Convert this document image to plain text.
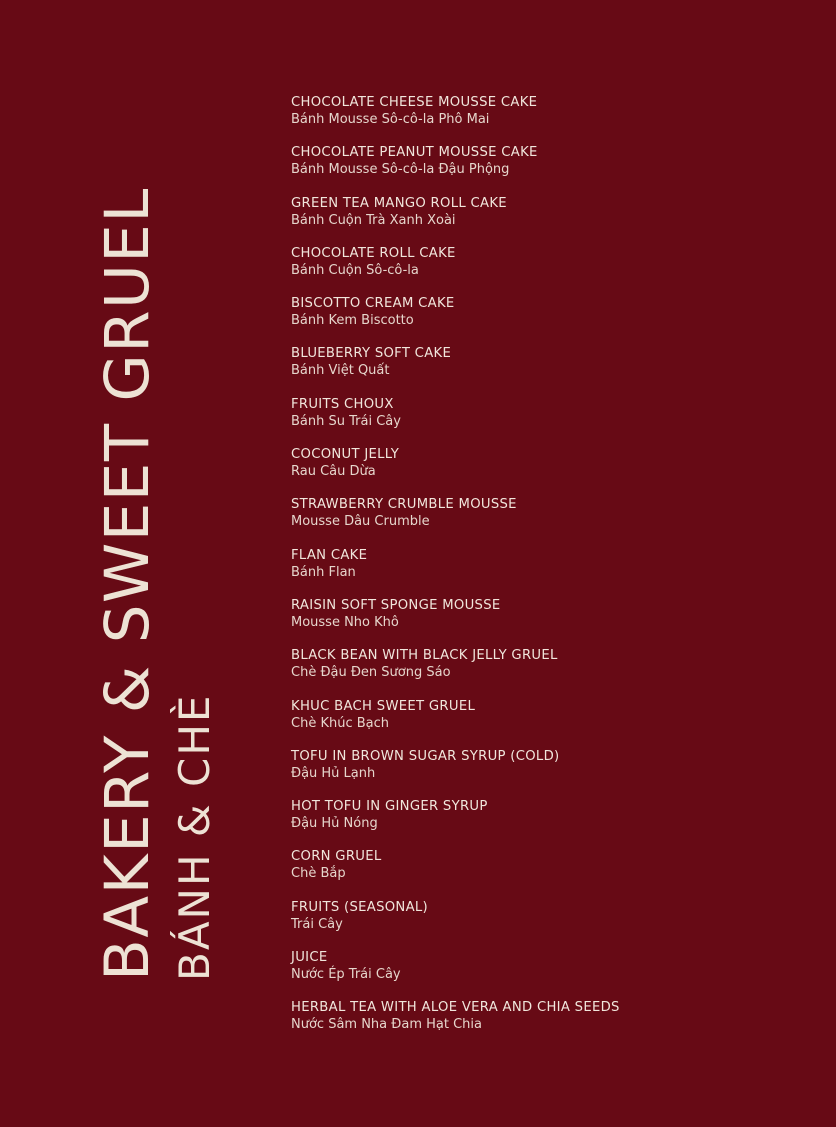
BAKERY & SWEET GRUEL BÁNH & CHÈ
CHOCOLATE CHEESE MOUSSE CAKE
Bánh Mousse Sô-cô-la Phô Mai
CHOCOLATE PEANUT MOUSSE CAKE
Bánh Mousse Sô-cô-la Đậu Phộng
GREEN TEA MANGO ROLL CAKE
Bánh Cuộn Trà Xanh Xoài
CHOCOLATE ROLL CAKE
Bánh Cuộn Sô-cô-la
BISCOTTO CREAM CAKE
Bánh Kem Biscotto
BLUEBERRY SOFT CAKE
Bánh Việt Quất
FRUITS CHOUX
Bánh Su Trái Cây
COCONUT JELLY
Rau Câu Dừa
STRAWBERRY CRUMBLE MOUSSE
Mousse Dâu Crumble
FLAN CAKE
Bánh Flan
RAISIN SOFT SPONGE MOUSSE
Mousse Nho Khô
BLACK BEAN WITH BLACK JELLY GRUEL
Chè Đậu Đen Sương Sáo
KHUC BACH SWEET GRUEL
Chè Khúc Bạch
TOFU IN BROWN SUGAR SYRUP (COLD)
Đậu Hủ Lạnh
HOT TOFU IN GINGER SYRUP
Đậu Hủ Nóng
CORN GRUEL
Chè Bắp
FRUITS (SEASONAL)
Trái Cây
JUICE
Nước Ép Trái Cây
HERBAL TEA WITH ALOE VERA AND CHIA SEEDS
Nước Sâm Nha Đam Hạt Chia
